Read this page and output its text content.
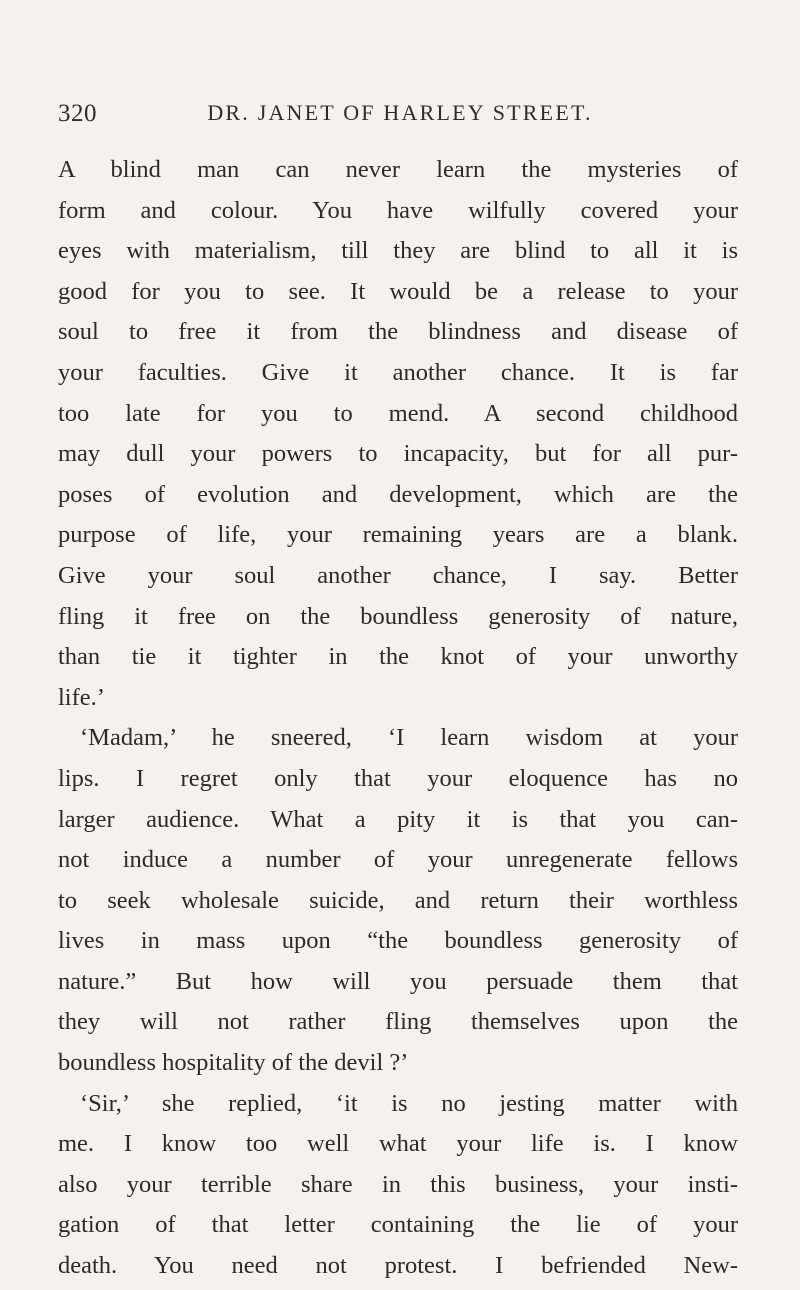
320	DR. JANET OF HARLEY STREET.
A blind man can never learn the mysteries of
form and colour. You have wilfully covered your
eyes with materialism, till they are blind to all it is
good for you to see. It would be a release to your
soul to free it from the blindness and disease of
your faculties. Give it another chance. It is far
too late for you to mend. A second childhood
may dull your powers to incapacity, but for all pur-
poses of evolution and development, which are the
purpose of life, your remaining years are a blank.
Give your soul another chance, I say. Better
fling it free on the boundless generosity of nature,
than tie it tighter in the knot of your unworthy
life.’
‘Madam,’ he sneered, ‘I learn wisdom at your
lips. I regret only that your eloquence has no
larger audience. What a pity it is that you can-
not induce a number of your unregenerate fellows
to seek wholesale suicide, and return their worthless
lives in mass upon “the boundless generosity of
nature.” But how will you persuade them that
they will not rather fling themselves upon the
boundless hospitality of the devil ?’
‘Sir,’ she replied, ‘it is no jesting matter with
me. I know too well what your life is. I know
also your terrible share in this business, your insti-
gation of that letter containing the lie of your
death. You need not protest. I befriended New-
